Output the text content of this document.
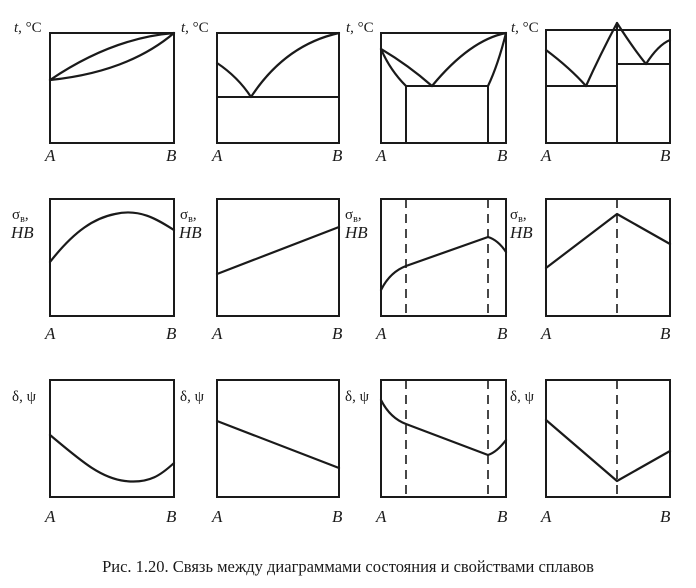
t, °C
A	B
t, °C
A	B
t, °C
A	B
t, °C
A	B
$\sigma_в$,
HB
A	B
$\sigma_в$,
HB
A	B
$\sigma_в$,
HB
A	B
$\sigma_в$,
HB
A	B
δ, ψ
A	B
δ, ψ
A	B
δ, ψ
A	B
δ, ψ
A	B
Рис. 1.20. Связь между диаграммами состояния и свойствами сплавов
